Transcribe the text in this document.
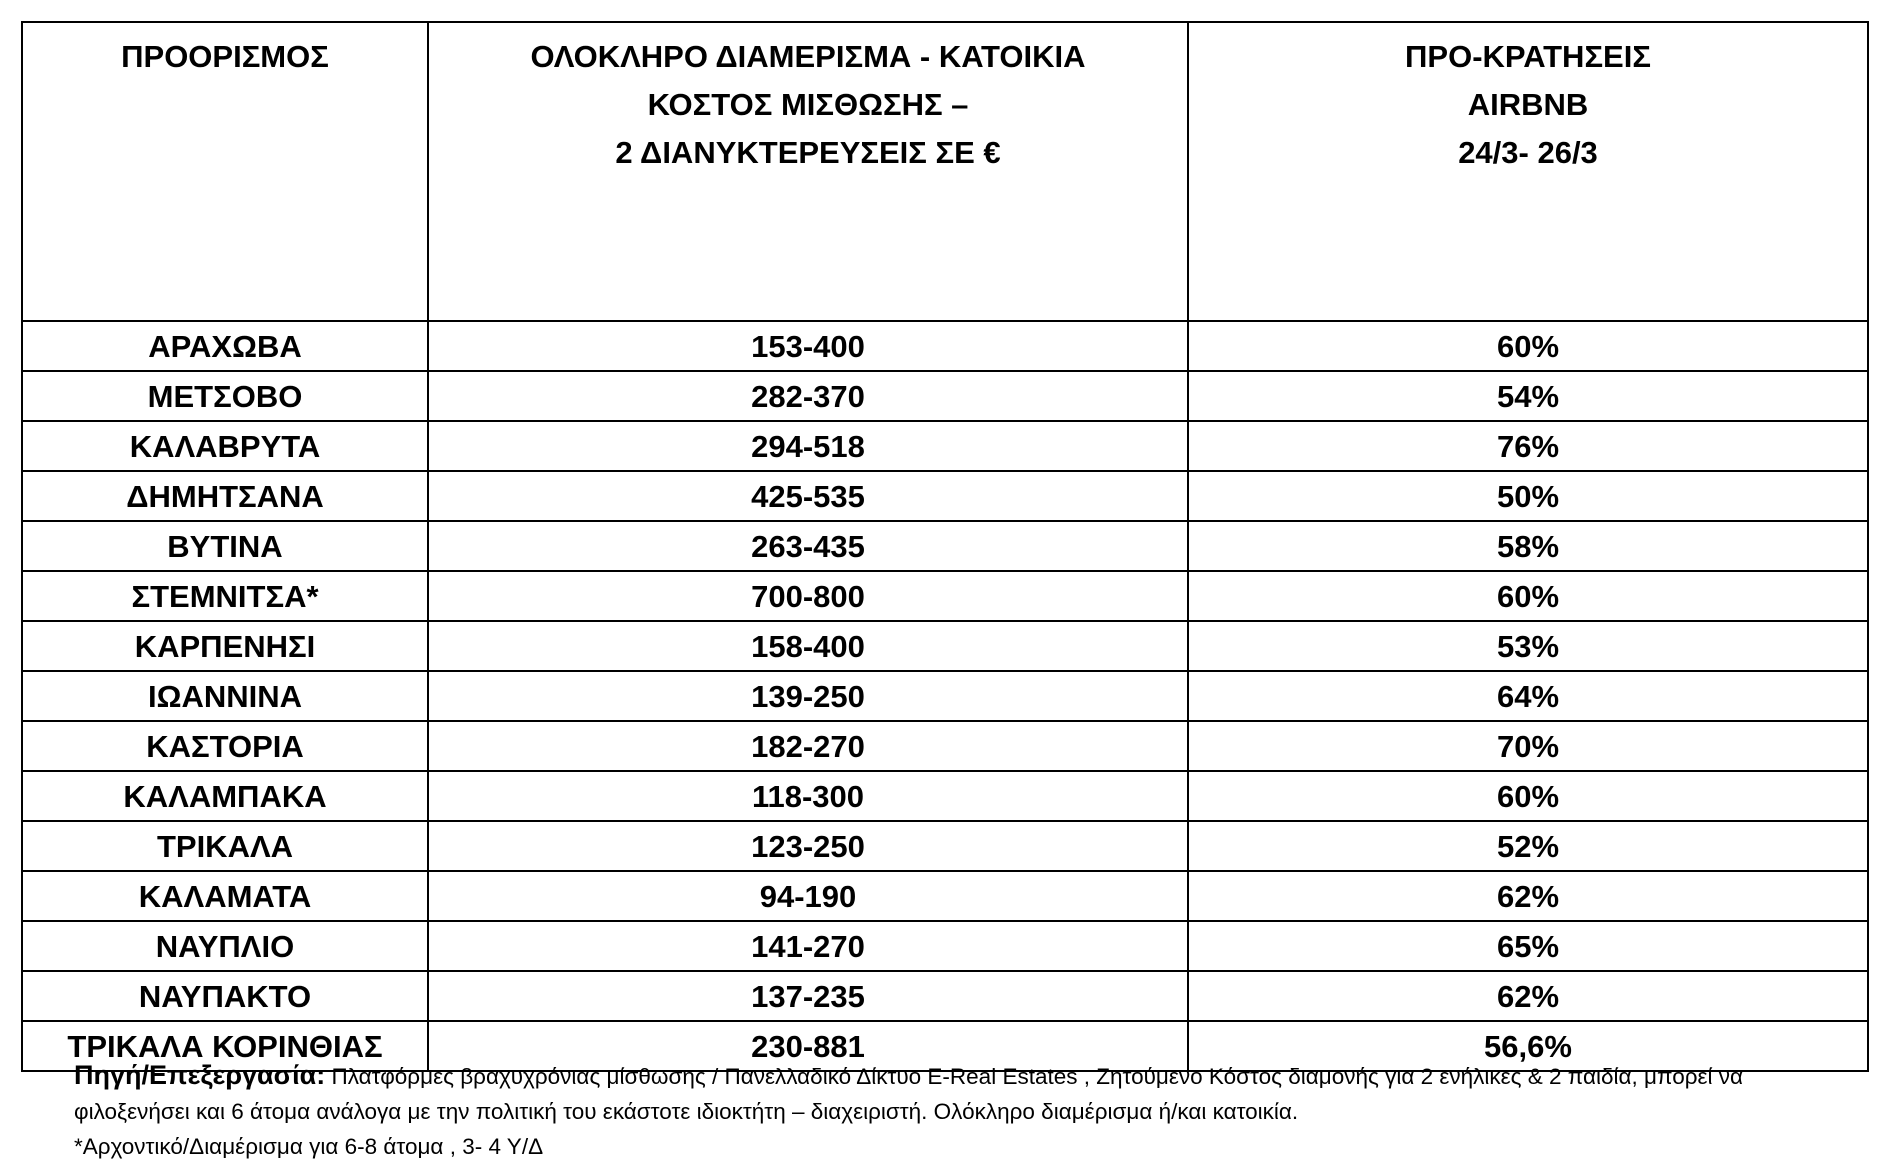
ΠΡΟΟΡΙΣΜΟΣ	ΟΛΟΚΛΗΡΟ ΔΙΑΜΕΡΙΣΜΑ - ΚΑΤΟΙΚΙΑ
ΚΟΣΤΟΣ ΜΙΣΘΩΣΗΣ –
2 ΔΙΑΝΥΚΤΕΡΕΥΣΕΙΣ ΣΕ €	ΠΡΟ-ΚΡΑΤΗΣΕΙΣ
AIRBNB
24/3- 26/3

ΑΡΑΧΩΒΑ	153-400	60%
ΜΕΤΣΟΒΟ	282-370	54%
ΚΑΛΑΒΡΥΤΑ	294-518	76%
ΔΗΜΗΤΣΑΝΑ	425-535	50%
ΒΥΤΙΝΑ	263-435	58%
ΣΤΕΜΝΙΤΣΑ*	700-800	60%
ΚΑΡΠΕΝΗΣΙ	158-400	53%
ΙΩΑΝΝΙΝΑ	139-250	64%
ΚΑΣΤΟΡΙΑ	182-270	70%
ΚΑΛΑΜΠΑΚΑ	118-300	60%
ΤΡΙΚΑΛΑ	123-250	52%
ΚΑΛΑΜΑΤΑ	94-190	62%
ΝΑΥΠΛΙΟ	141-270	65%
ΝΑΥΠΑΚΤΟ	137-235	62%
ΤΡΙΚΑΛΑ ΚΟΡΙΝΘΙΑΣ	230-881	56,6%
Πηγή/Επεξεργασία: Πλατφόρμες βραχυχρόνιας μίσθωσης / Πανελλαδικό Δίκτυο E-Real Estates , Ζητούμενο Κόστος διαμονής για 2 ενήλικες & 2 παιδία, μπορεί να φιλοξενήσει και 6 άτομα ανάλογα με την πολιτική του εκάστοτε ιδιοκτήτη – διαχειριστή. Ολόκληρο διαμέρισμα ή/και κατοικία.
*Αρχοντικό/Διαμέρισμα για 6-8 άτομα , 3- 4 Υ/Δ
